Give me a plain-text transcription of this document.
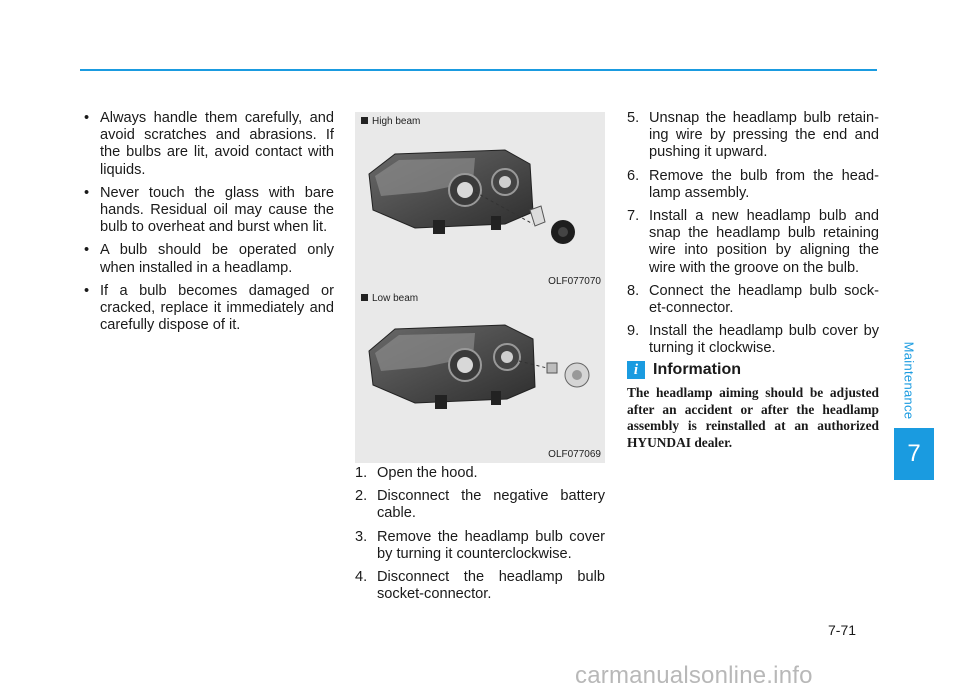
Maintenance
7
• Always handle them carefully, and avoid scratches and abrasions. If the bulbs are lit, avoid contact with liquids.
• Never touch the glass with bare hands. Residual oil may cause the bulb to overheat and burst when lit.
• A bulb should be operated only when installed in a headlamp.
• If a bulb becomes damaged or cracked, replace it immediately and carefully dispose of it.
High beam
OLF077070
Low beam
OLF077069
1. Open the hood.
2. Disconnect the negative battery cable.
3. Remove the headlamp bulb cover by turning it counterclockwise.
4. Disconnect the headlamp bulb socket-connector.
5. Unsnap the headlamp bulb retain-ing wire by pressing the end and pushing it upward.
6. Remove the bulb from the head-lamp assembly.
7. Install a new headlamp bulb and snap the headlamp bulb retaining wire into position by aligning the wire with the groove on the bulb.
8. Connect the headlamp bulb sock-et-connector.
9. Install the headlamp bulb cover by turning it clockwise.
i Information
The headlamp aiming should be adjusted after an accident or after the headlamp assembly is reinstalled at an authorized HYUNDAI dealer.
7-71
carmanualsonline.info
